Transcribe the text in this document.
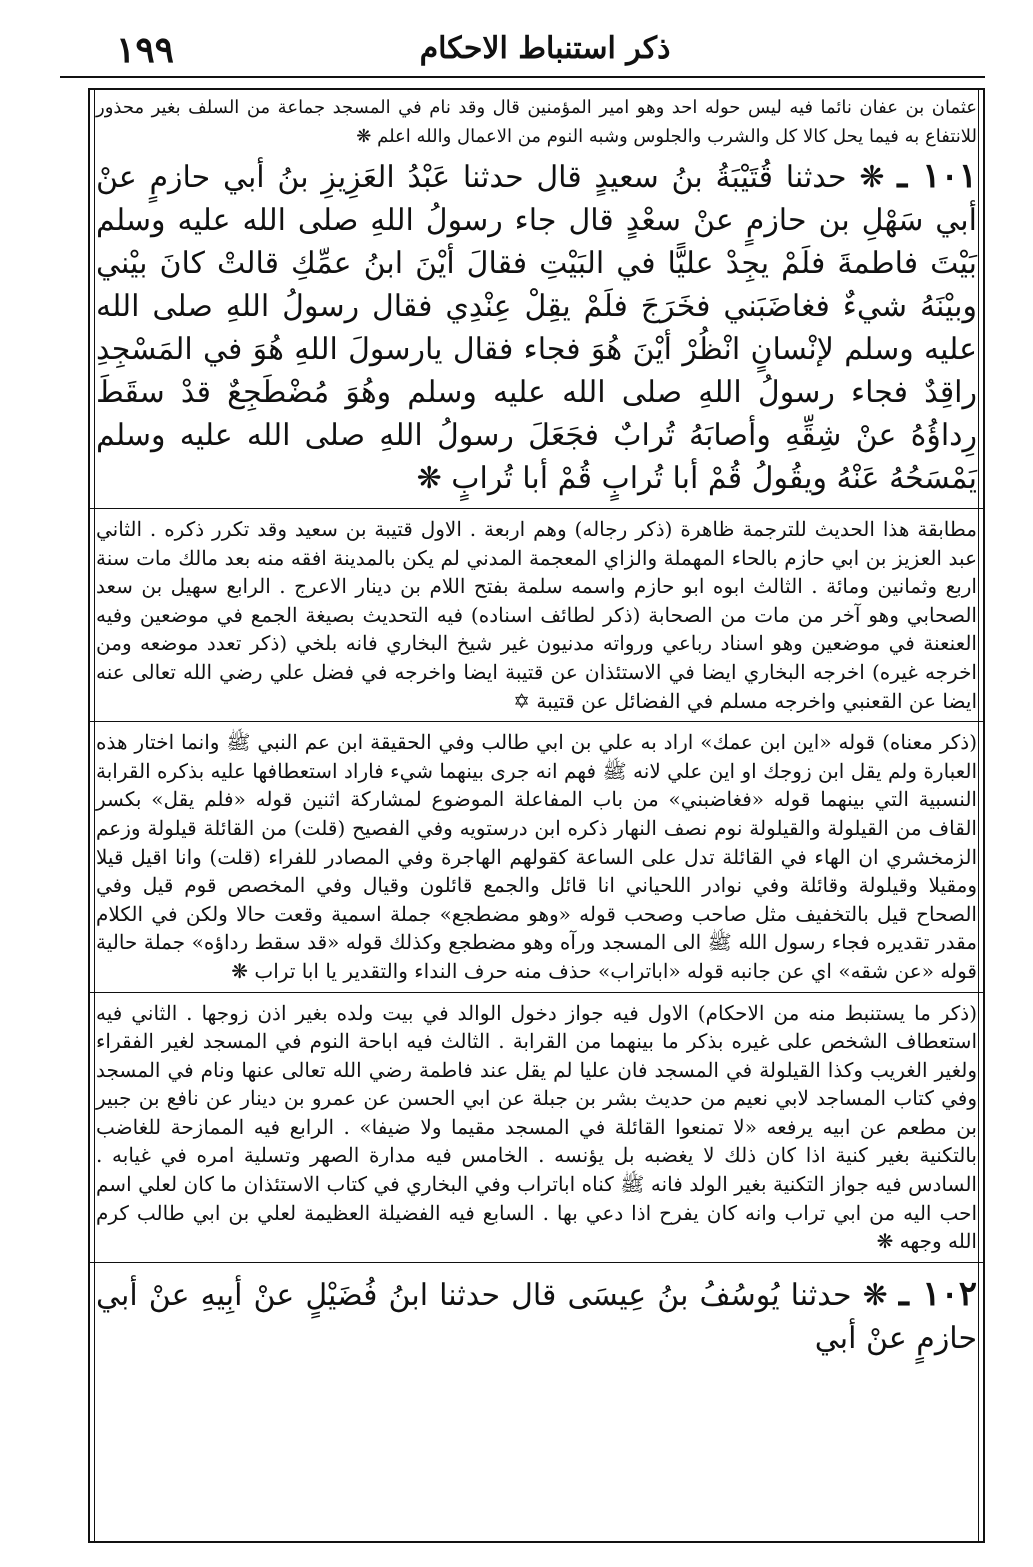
١٩٩	ذكر استنباط الاحكام

عثمان بن عفان نائما فيه ليس حوله احد وهو امير المؤمنين قال وقد نام في المسجد جماعة من السلف بغير محذور للانتفاع به فيما يحل كالا كل والشرب والجلوس وشبه النوم من الاعمال والله اعلم ❋

١٠١ ـ ❋ حدثنا قُتَيْبَةُ بنُ سعيدٍ قال حدثنا عَبْدُ العَزِيزِ بنُ أبي حازمٍ عنْ أبي سَهْلِ بن حازمٍ عنْ سعْدٍ قال جاء رسولُ اللهِ صلى الله عليه وسلم بَيْتَ فاطمةَ فلَمْ يجِدْ عليًّا في البَيْتِ فقالَ أيْنَ ابنُ عمِّكِ قالتْ كانَ بيْني وبيْنَهُ شيءٌ فغاضَبَني فخَرَجَ فلَمْ يقِلْ عِنْدِي فقال رسولُ اللهِ صلى الله عليه وسلم لإنْسانٍ انْظُرْ أيْنَ هُوَ فجاء فقال يارسولَ اللهِ هُوَ في المَسْجِدِ راقِدٌ فجاء رسولُ اللهِ صلى الله عليه وسلم وهُوَ مُضْطَجِعٌ قدْ سقَطَ رِداؤُهُ عنْ شِقِّهِ وأصابَهُ تُرابٌ فجَعَلَ رسولُ اللهِ صلى الله عليه وسلم يَمْسَحُهُ عَنْهُ ويقُولُ قُمْ أبا تُرابٍ قُمْ أبا تُرابٍ ❋

مطابقة هذا الحديث للترجمة ظاهرة (ذكر رجاله) وهم اربعة . الاول قتيبة بن سعيد وقد تكرر ذكره . الثاني عبد العزيز بن ابي حازم بالحاء المهملة والزاي المعجمة المدني لم يكن بالمدينة افقه منه بعد مالك مات سنة اربع وثمانين ومائة . الثالث ابوه ابو حازم واسمه سلمة بفتح اللام بن دينار الاعرج . الرابع سهيل بن سعد الصحابي وهو آخر من مات من الصحابة (ذكر لطائف اسناده) فيه التحديث بصيغة الجمع في موضعين وفيه العنعنة في موضعين وهو اسناد رباعي ورواته مدنيون غير شيخ البخاري فانه بلخي (ذكر تعدد موضعه ومن اخرجه غيره) اخرجه البخاري ايضا في الاستئذان عن قتيبة ايضا واخرجه في فضل علي رضي الله تعالى عنه ايضا عن القعنبي واخرجه مسلم في الفضائل عن قتيبة ✡

(ذكر معناه) قوله «اين ابن عمك» اراد به علي بن ابي طالب وفي الحقيقة ابن عم النبي ﷺ وانما اختار هذه العبارة ولم يقل ابن زوجك او اين علي لانه ﷺ فهم انه جرى بينهما شيء فاراد استعطافها عليه بذكره القرابة النسبية التي بينهما قوله «فغاضبني» من باب المفاعلة الموضوع لمشاركة اثنين قوله «فلم يقل» بكسر القاف من القيلولة والقيلولة نوم نصف النهار ذكره ابن درستويه وفي الفصيح (قلت) من القائلة قيلولة وزعم الزمخشري ان الهاء في القائلة تدل على الساعة كقولهم الهاجرة وفي المصادر للفراء (قلت) وانا اقيل قيلا ومقيلا وقيلولة وقائلة وفي نوادر اللحياني انا قائل والجمع قائلون وقيال وفي المخصص قوم قيل وفي الصحاح قيل بالتخفيف مثل صاحب وصحب قوله «وهو مضطجع» جملة اسمية وقعت حالا ولكن في الكلام مقدر تقديره فجاء رسول الله ﷺ الى المسجد ورآه وهو مضطجع وكذلك قوله «قد سقط رداؤه» جملة حالية قوله «عن شقه» اي عن جانبه قوله «اباتراب» حذف منه حرف النداء والتقدير يا ابا تراب ❋

(ذكر ما يستنبط منه من الاحكام) الاول فيه جواز دخول الوالد في بيت ولده بغير اذن زوجها . الثاني فيه استعطاف الشخص على غيره بذكر ما بينهما من القرابة . الثالث فيه اباحة النوم في المسجد لغير الفقراء ولغير الغريب وكذا القيلولة في المسجد فان عليا لم يقل عند فاطمة رضي الله تعالى عنها ونام في المسجد وفي كتاب المساجد لابي نعيم من حديث بشر بن جبلة عن ابي الحسن عن عمرو بن دينار عن نافع بن جبير بن مطعم عن ابيه يرفعه «لا تمنعوا القائلة في المسجد مقيما ولا ضيفا» . الرابع فيه الممازحة للغاضب بالتكنية بغير كنية اذا كان ذلك لا يغضبه بل يؤنسه . الخامس فيه مدارة الصهر وتسلية امره في غيابه . السادس فيه جواز التكنية بغير الولد فانه ﷺ كناه اباتراب وفي البخاري في كتاب الاستئذان ما كان لعلي اسم احب اليه من ابي تراب وانه كان يفرح اذا دعي بها . السابع فيه الفضيلة العظيمة لعلي بن ابي طالب كرم الله وجهه ❋

١٠٢ ـ ❋ حدثنا يُوسُفُ بنُ عِيسَى قال حدثنا ابنُ فُضَيْلٍ عنْ أبِيهِ عنْ أبي حازمٍ عنْ أبي
